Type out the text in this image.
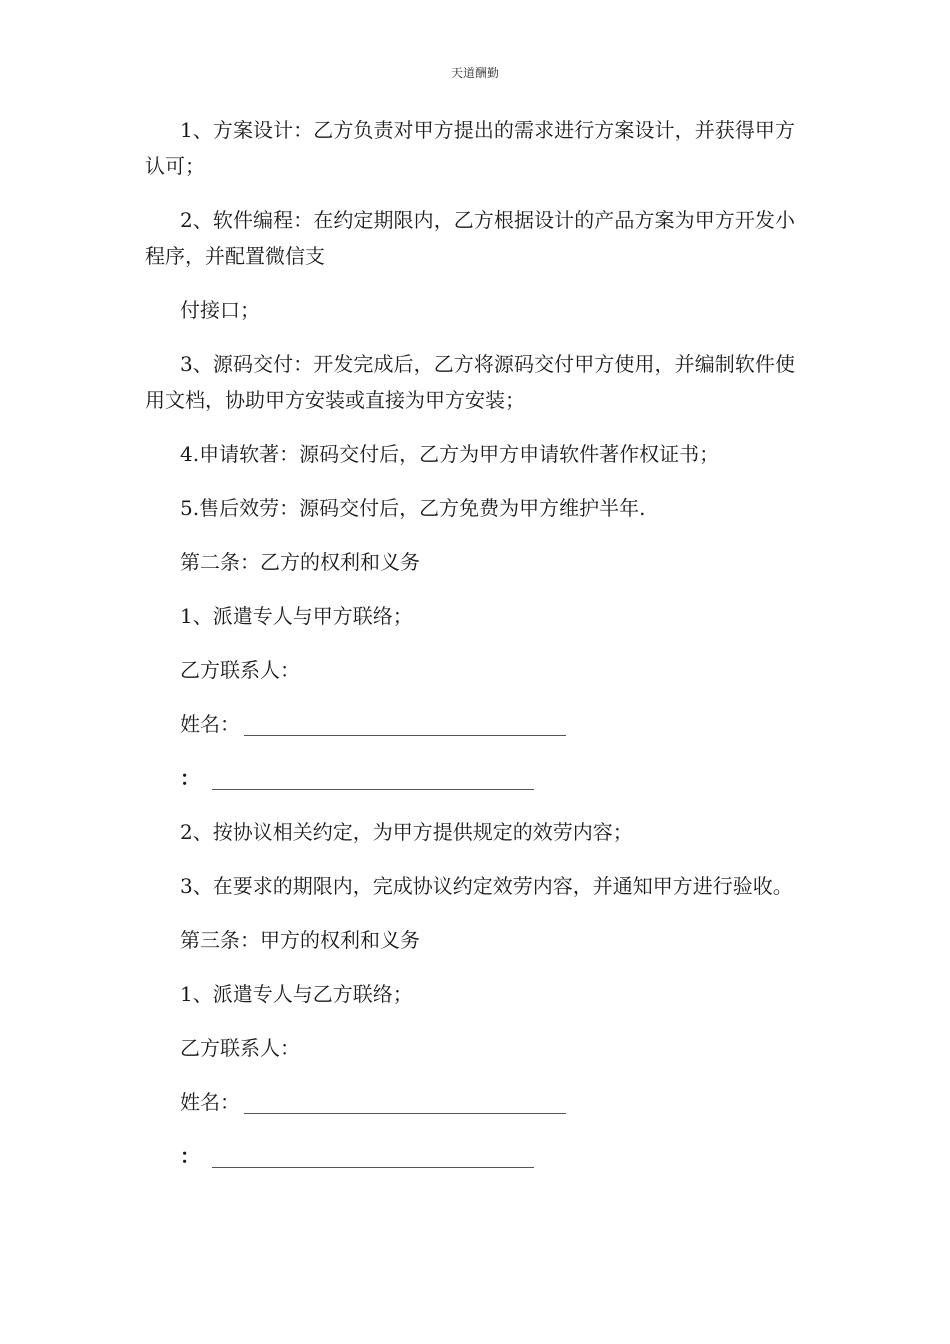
天道酬勤

1、方案设计：乙方负责对甲方提出的需求进行方案设计，并获得甲方认可；

2、软件编程：在约定期限内，乙方根据设计的产品方案为甲方开发小程序，并配置微信支

付接口；

3、源码交付：开发完成后，乙方将源码交付甲方使用，并编制软件使用文档，协助甲方安装或直接为甲方安装；

4.申请软著：源码交付后，乙方为甲方申请软件著作权证书；

5.售后效劳：源码交付后，乙方免费为甲方维护半年.

第二条：乙方的权利和义务

1、派遣专人与甲方联络；

乙方联系人：

姓名：
：

2、按协议相关约定，为甲方提供规定的效劳内容；

3、在要求的期限内，完成协议约定效劳内容，并通知甲方进行验收。

第三条：甲方的权利和义务

1、派遣专人与乙方联络；

乙方联系人：

姓名：
：
